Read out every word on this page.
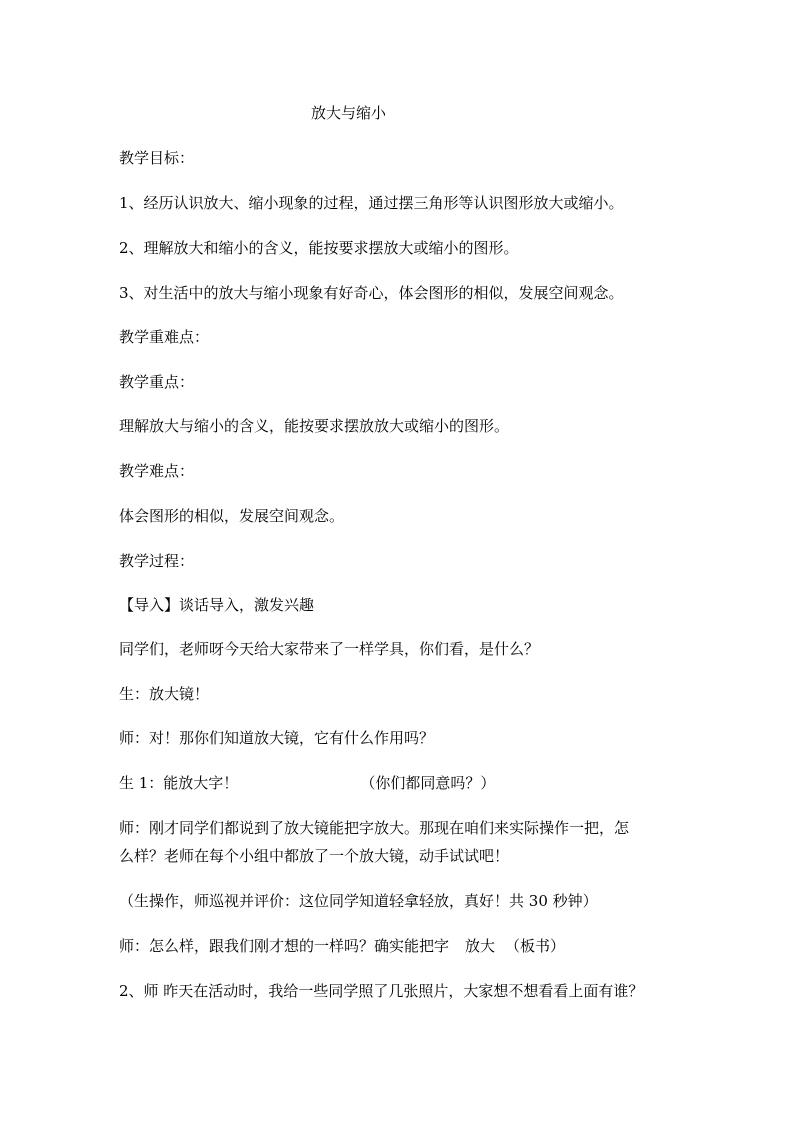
放大与缩小
教学目标：
1、经历认识放大、缩小现象的过程，通过摆三角形等认识图形放大或缩小。
2、理解放大和缩小的含义，能按要求摆放大或缩小的图形。
3、对生活中的放大与缩小现象有好奇心，体会图形的相似，发展空间观念。
教学重难点：
教学重点：
理解放大与缩小的含义，能按要求摆放放大或缩小的图形。
教学难点：
体会图形的相似，发展空间观念。
教学过程：
【导入】谈话导入，激发兴趣
同学们，老师呀今天给大家带来了一样学具，你们看，是什么？
生：放大镜！
师：对！那你们知道放大镜，它有什么作用吗？
生 1：能放大字！	（你们都同意吗？）
师：刚才同学们都说到了放大镜能把字放大。那现在咱们来实际操作一把，怎
么样？老师在每个小组中都放了一个放大镜，动手试试吧！
（生操作，师巡视并评价：这位同学知道轻拿轻放，真好！共 30 秒钟）
师：怎么样，跟我们刚才想的一样吗？确实能把字 放大 （板书）
2、师 昨天在活动时，我给一些同学照了几张照片，大家想不想看看上面有谁？
